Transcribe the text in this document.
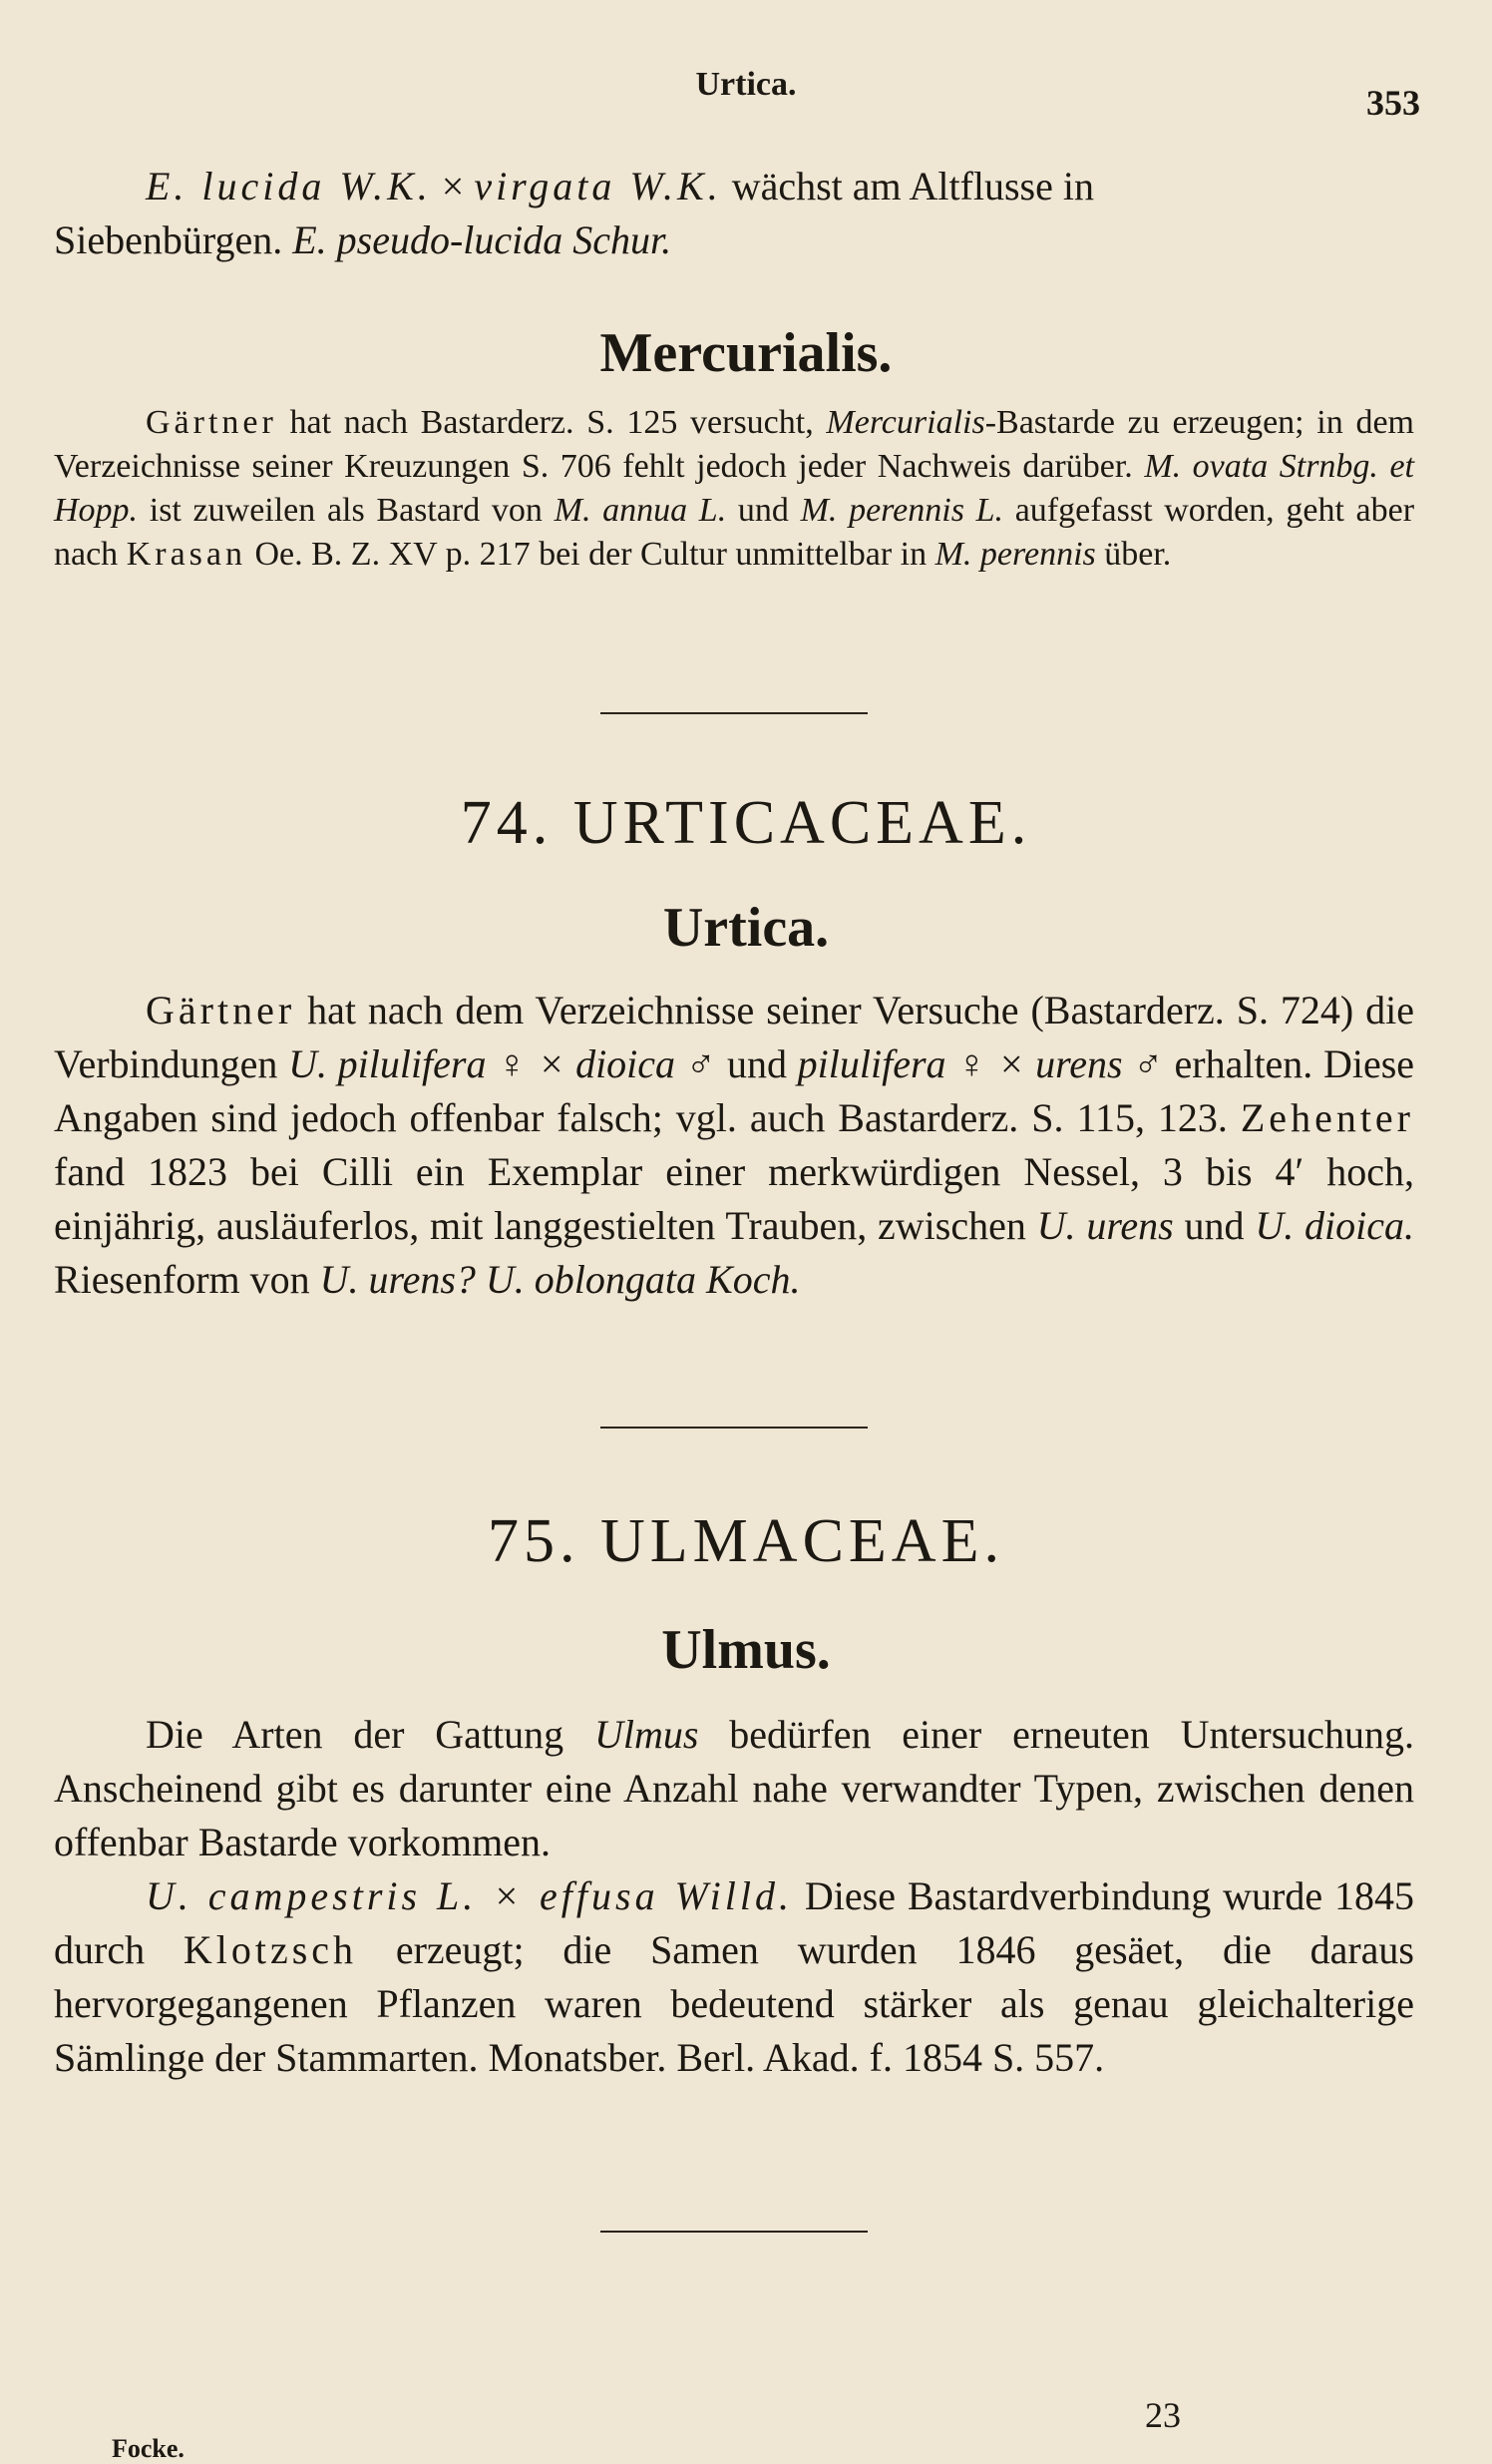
Urtica.	353
E. lucida W.K. × virgata W.K. wächst am Altflusse in
Siebenbürgen. E. pseudo-lucida Schur.
Mercurialis.
Gärtner hat nach Bastarderz. S. 125 versucht, Mercurialis-Bastarde zu erzeugen; in dem Verzeichnisse seiner Kreuzungen S. 706 fehlt jedoch jeder Nachweis darüber. M. ovata Strnbg. et Hopp. ist zuweilen als Bastard von M. annua L. und M. perennis L. aufgefasst worden, geht aber nach Krasan Oe. B. Z. XV p. 217 bei der Cultur unmittelbar in M. perennis über.
74. URTICACEAE.
Urtica.
Gärtner hat nach dem Verzeichnisse seiner Versuche (Bastarderz. S. 724) die Verbindungen U. pilulifera ♀ × dioica ♂ und pilulifera ♀ × urens ♂ erhalten. Diese Angaben sind jedoch offenbar falsch; vgl. auch Bastarderz. S. 115, 123. Zehenter fand 1823 bei Cilli ein Exemplar einer merkwürdigen Nessel, 3 bis 4′ hoch, einjährig, ausläuferlos, mit langgestielten Trauben, zwischen U. urens und U. dioica. Riesenform von U. urens? U. oblongata Koch.
75. ULMACEAE.
Ulmus.
Die Arten der Gattung Ulmus bedürfen einer erneuten Untersuchung. Anscheinend gibt es darunter eine Anzahl nahe verwandter Typen, zwischen denen offenbar Bastarde vorkommen.
U. campestris L. × effusa Willd. Diese Bastardverbindung wurde 1845 durch Klotzsch erzeugt; die Samen wurden 1846 gesäet, die daraus hervorgegangenen Pflanzen waren bedeutend stärker als genau gleichalterige Sämlinge der Stammarten. Monatsber. Berl. Akad. f. 1854 S. 557.
Focke.
23
